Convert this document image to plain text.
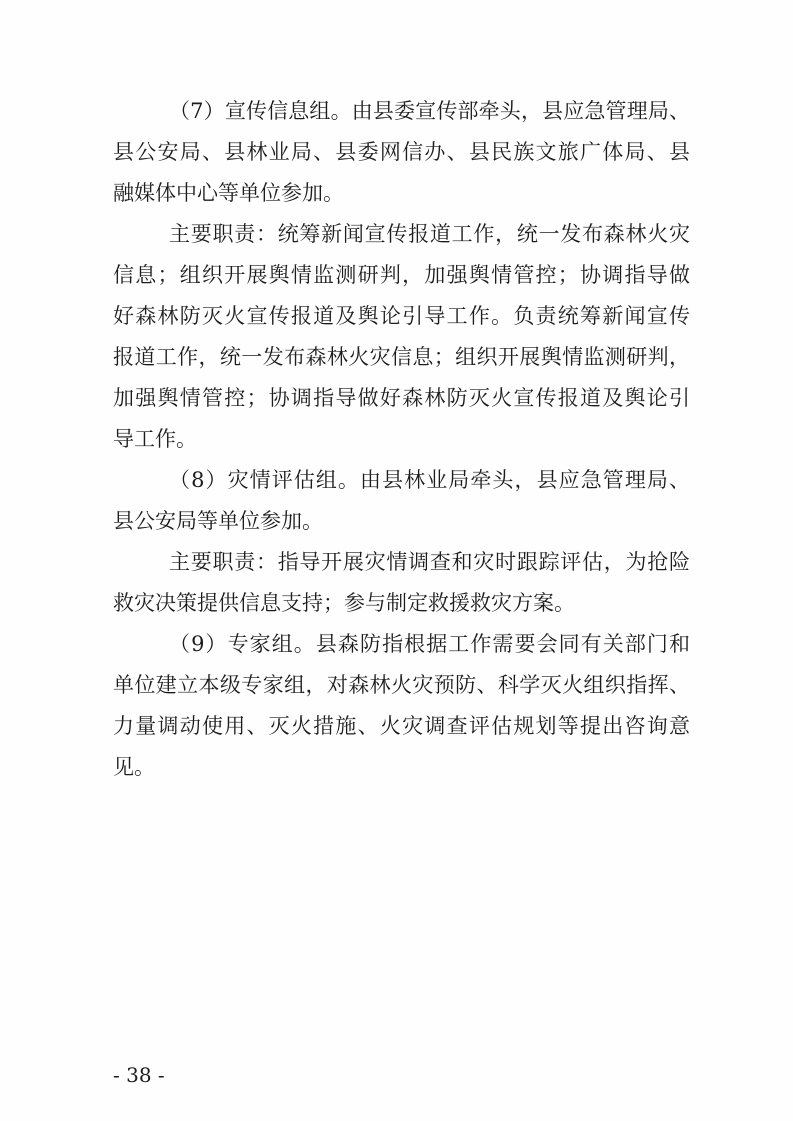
（7）宣传信息组。由县委宣传部牵头，县应急管理局、
县公安局、县林业局、县委网信办、县民族文旅广体局、县
融媒体中心等单位参加。
主要职责：统筹新闻宣传报道工作，统一发布森林火灾
信息；组织开展舆情监测研判，加强舆情管控；协调指导做
好森林防灭火宣传报道及舆论引导工作。负责统筹新闻宣传
报道工作，统一发布森林火灾信息；组织开展舆情监测研判，
加强舆情管控；协调指导做好森林防灭火宣传报道及舆论引
导工作。
（8）灾情评估组。由县林业局牵头，县应急管理局、
县公安局等单位参加。
主要职责：指导开展灾情调查和灾时跟踪评估，为抢险
救灾决策提供信息支持；参与制定救援救灾方案。
（9）专家组。县森防指根据工作需要会同有关部门和
单位建立本级专家组，对森林火灾预防、科学灭火组织指挥、
力量调动使用、灭火措施、火灾调查评估规划等提出咨询意
见。
- 38 -
